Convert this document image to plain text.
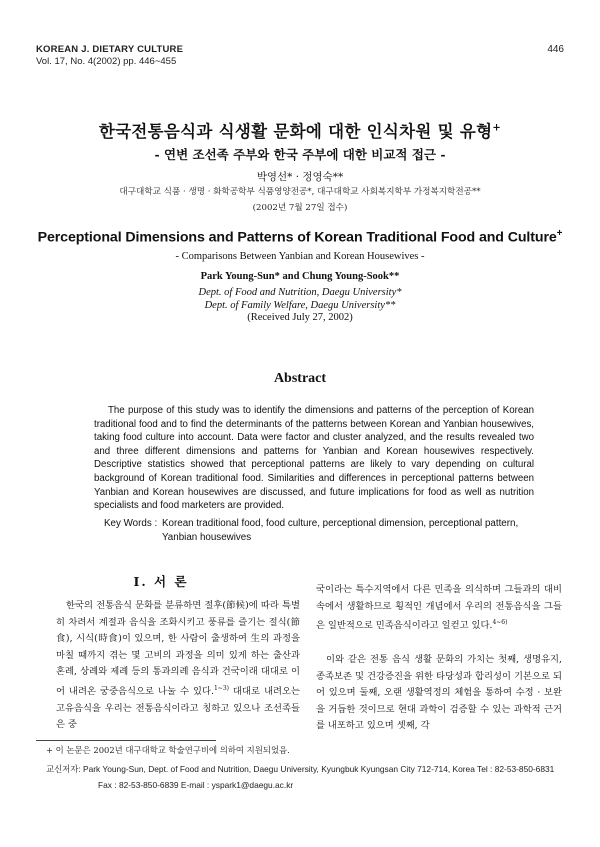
KOREAN J. DIETARY CULTURE
Vol. 17, No. 4(2002) pp. 446~455
446
한국전통음식과 식생활 문화에 대한 인식차원 및 유형+
- 연변 조선족 주부와 한국 주부에 대한 비교적 접근 -
박영선* · 정영숙**
대구대학교 식품 · 생명 · 화학공학부 식품영양전공*, 대구대학교 사회복지학부 가정복지학전공**
(2002년 7월 27일 접수)
Perceptional Dimensions and Patterns of Korean Traditional Food and Culture+
- Comparisons Between Yanbian and Korean Housewives -
Park Young-Sun* and Chung Young-Sook**
Dept. of Food and Nutrition, Daegu University*
Dept. of Family Welfare, Daegu University**
(Received July 27, 2002)
Abstract
The purpose of this study was to identify the dimensions and patterns of the perception of Korean traditional food and to find the determinants of the patterns between Korean and Yanbian housewives, taking food culture into account. Data were factor and cluster analyzed, and the results revealed two and three different dimensions and patterns for Yanbian and Korean housewives respectively. Descriptive statistics showed that perceptional patterns are likely to vary depending on cultural background of Korean traditional food. Similarities and differences in perceptional patterns between Yanbian and Korean housewives are discussed, and future implications for food as well as nutrition specialists and food marketers are provided.
Key Words : Korean traditional food, food culture, perceptional dimension, perceptional pattern, Yanbian housewives
I. 서 론
한국의 전통음식 문화를 분류하면 절후(節候)에 따라 특별히 차려서 계절과 음식을 조화시키고 풍류를 즐기는 절식(節食), 시식(時食)이 있으며, 한 사람이 출생하여 生의 과정을 마칠 때까지 겪는 몇 고비의 과정을 의미 있게 하는 출산과 혼례, 상례와 제례 등의 통과의례 음식과 건국이래 대대로 이어 내려온 궁중음식으로 나눌 수 있다.$^{1\sim 3)}$ 대대로 내려오는 고유음식을 우리는 전통음식이라고 칭하고 있으나 조선족들은 중
국이라는 특수지역에서 다른 민족을 의식하며 그들과의 대비 속에서 생활하므로 횡적인 개념에서 우리의 전통음식을 그들은 일반적으로 민족음식이라고 일컫고 있다.$^{4\sim 6)}$
이와 같은 전통 음식 생활 문화의 가치는 첫째, 생명유지, 종족보존 및 건강증진을 위한 타당성과 합리성이 기본으로 되어 있으며 둘째, 오랜 생활역정의 체험을 통하여 수정 · 보완을 거듭한 것이므로 현대 과학이 검증할 수 있는 과학적 근거를 내포하고 있으며 셋째, 각
+ 이 논문은 2002년 대구대학교 학술연구비에 의하여 지원되었음.
교신저자: Park Young-Sun, Dept. of Food and Nutrition, Daegu University, Kyungbuk Kyungsan City 712-714, Korea Tel : 82-53-850-6831
Fax : 82-53-850-6839 E-mail : yspark1@daegu.ac.kr
